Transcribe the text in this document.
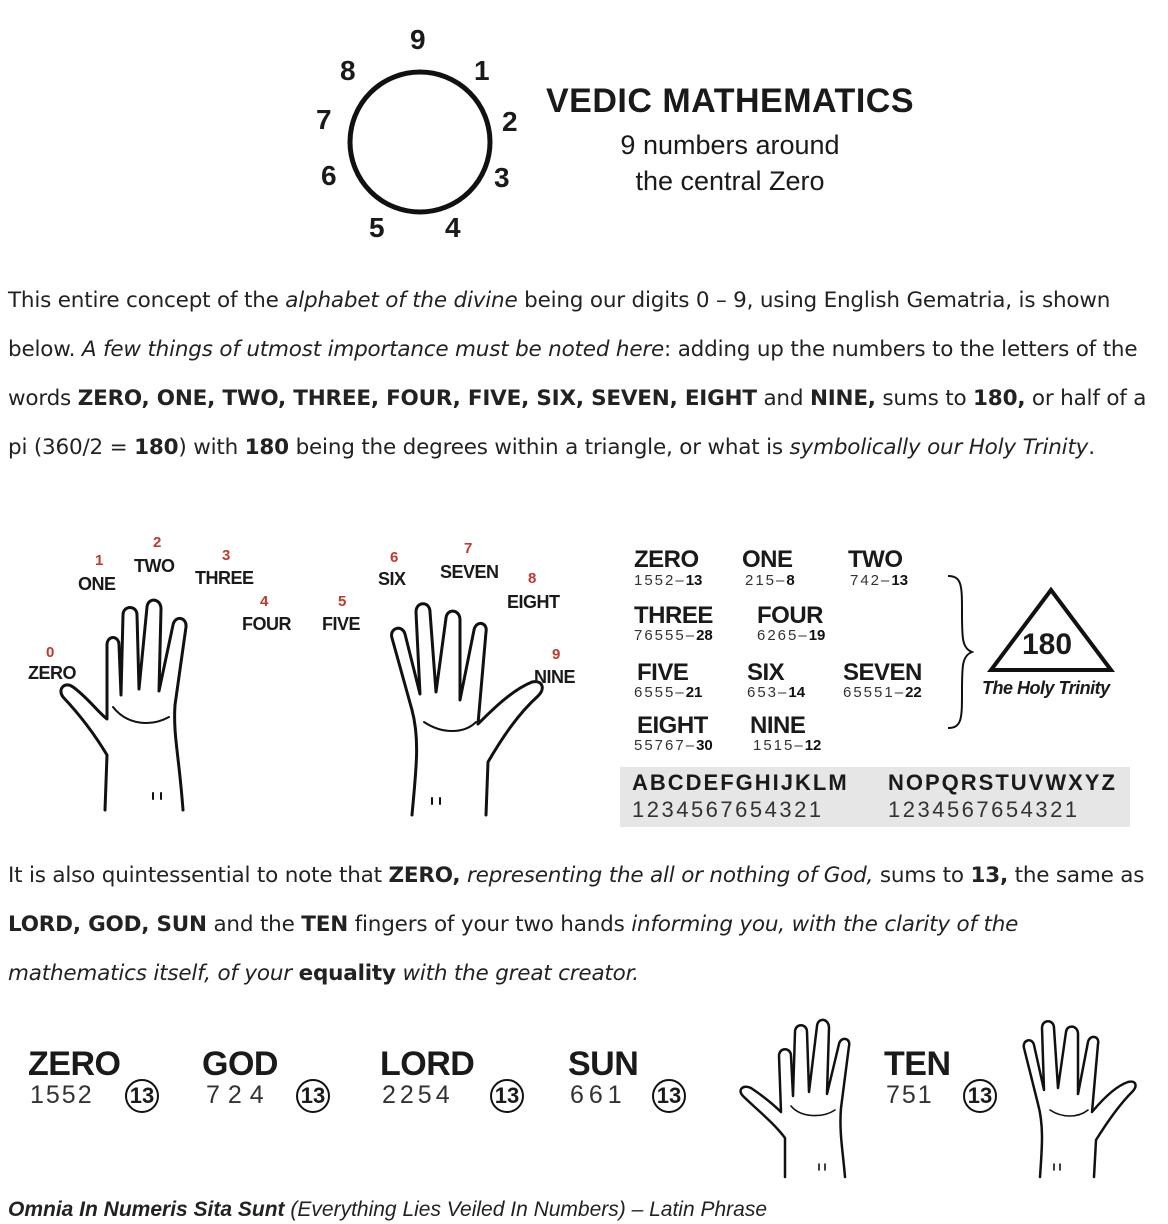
9
1
2
3
4
5
6
7
8
VEDIC MATHEMATICS
9 numbers around
the central Zero
This entire concept of the alphabet of the divine being our digits 0 – 9, using English Gematria, is shown below. A few things of utmost importance must be noted here: adding up the numbers to the letters of the words ZERO, ONE, TWO, THREE, FOUR, FIVE, SIX, SEVEN, EIGHT and NINE, sums to 180, or half of a pi (360/2 = 180) with 180 being the degrees within a triangle, or what is symbolically our Holy Trinity.
0
ZERO
1
ONE
2
TWO
3
THREE
4
FOUR
5
FIVE
6
SIX
7
SEVEN 8
EIGHT
9
NINE
ZERO
1552–13
ONE
215–8
TWO
742–13
THREE
76555–28
FOUR
6265–19
FIVE
6555–21
SIX
653–14
SEVEN
65551–22
EIGHT
55767–30
NINE
1515–12
180
The Holy Trinity
ABCDEFGHIJKLM NOPQRSTUVWXYZ
1234567654321	1234567654321
It is also quintessential to note that ZERO, representing the all or nothing of God, sums to 13, the same as LORD, GOD, SUN and the TEN fingers of your two hands informing you, with the clarity of the mathematics itself, of your equality with the great creator.
ZERO
1552 13
GOD
724 13
LORD
2254 13
SUN
661 13
TEN
751 13
Omnia In Numeris Sita Sunt (Everything Lies Veiled In Numbers) – Latin Phrase
